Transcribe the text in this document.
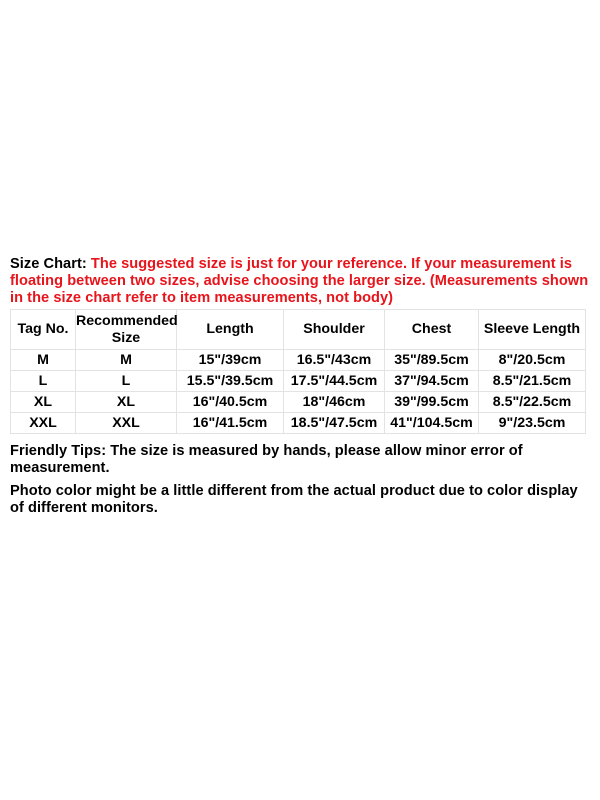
Size Chart: The suggested size is just for your reference. If your measurement is floating between two sizes, advise choosing the larger size. (Measurements shown in the size chart refer to item measurements, not body)
Tag No.	Recommended Size	Length	Shoulder	Chest	Sleeve Length
M	M	15"/39cm	16.5"/43cm	35"/89.5cm	8"/20.5cm
L	L	15.5"/39.5cm	17.5"/44.5cm	37"/94.5cm	8.5"/21.5cm
XL	XL	16"/40.5cm	18"/46cm	39"/99.5cm	8.5"/22.5cm
XXL	XXL	16"/41.5cm	18.5"/47.5cm	41"/104.5cm	9"/23.5cm
Friendly Tips: The size is measured by hands, please allow minor error of measurement.
Photo color might be a little different from the actual product due to color display of different monitors.
